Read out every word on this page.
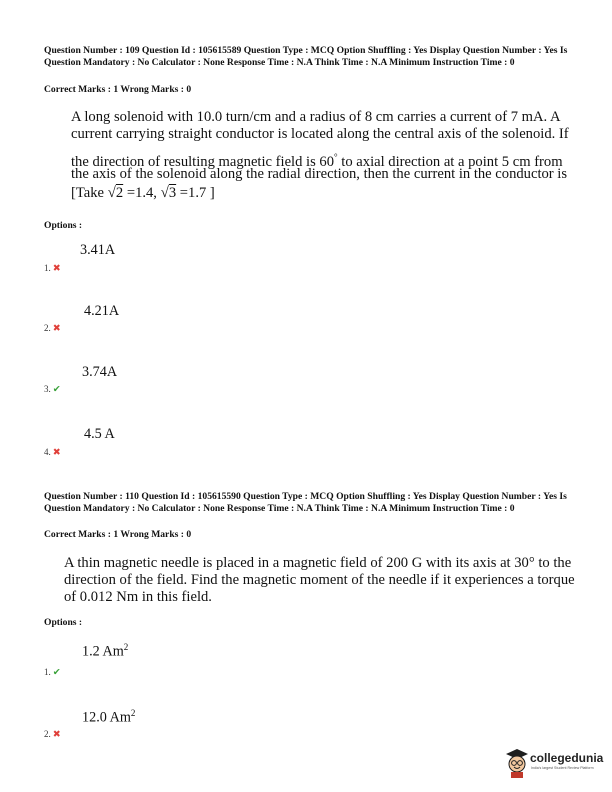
Question Number : 109 Question Id : 105615589 Question Type : MCQ Option Shuffling : Yes Display Question Number : Yes Is Question Mandatory : No Calculator : None Response Time : N.A Think Time : N.A Minimum Instruction Time : 0
Correct Marks : 1 Wrong Marks : 0
A long solenoid with 10.0 turn/cm and a radius of 8 cm carries a current of 7 mA. A
current carrying straight conductor is located along the central axis of the solenoid. If
the direction of resulting magnetic field is 60° to axial direction at a point 5 cm from
the axis of the solenoid along the radial direction, then the current in the conductor is
[Take √2 =1.4, √3 =1.7 ]
Options :
3.41A
1. ✖
4.21A
2. ✖
3.74A
3. ✔
4.5 A
4. ✖
Question Number : 110 Question Id : 105615590 Question Type : MCQ Option Shuffling : Yes Display Question Number : Yes Is Question Mandatory : No Calculator : None Response Time : N.A Think Time : N.A Minimum Instruction Time : 0
Correct Marks : 1 Wrong Marks : 0
A thin magnetic needle is placed in a magnetic field of 200 G with its axis at 30° to the
direction of the field. Find the magnetic moment of the needle if it experiences a torque
of 0.012 Nm in this field.
Options :
1.2 Am$^2$
1. ✔
12.0 Am$^2$
2. ✖
collegedunia
India's largest Student Review Platform
